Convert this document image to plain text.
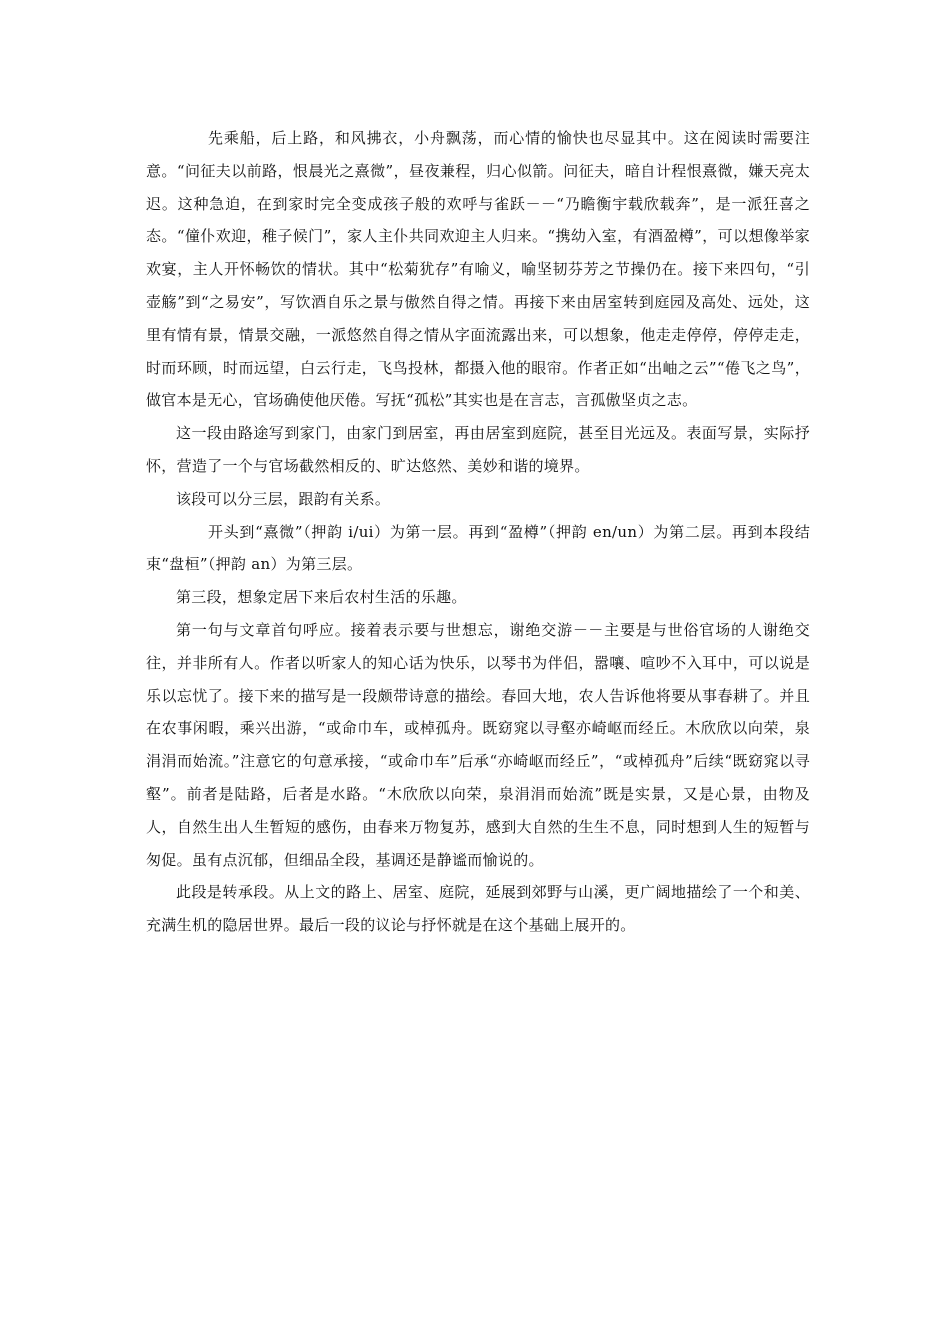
先乘船，后上路，和风拂衣，小舟飘荡，而心情的愉快也尽显其中。这在阅读时需要注意。“问征夫以前路，恨晨光之熹微”，昼夜兼程，归心似箭。问征夫，暗自计程恨熹微，嫌天亮太迟。这种急迫，在到家时完全变成孩子般的欢呼与雀跃－－“乃瞻衡宇载欣载奔”，是一派狂喜之态。“僮仆欢迎，稚子候门”，家人主仆共同欢迎主人归来。“携幼入室，有酒盈樽”，可以想像举家欢宴，主人开怀畅饮的情状。其中“松菊犹存”有喻义，喻坚韧芬芳之节操仍在。接下来四句，“引壶觞”到“之易安”，写饮酒自乐之景与傲然自得之情。再接下来由居室转到庭园及高处、远处，这里有情有景，情景交融，一派悠然自得之情从字面流露出来，可以想象，他走走停停，停停走走，时而环顾，时而远望，白云行走，飞鸟投林，都摄入他的眼帘。作者正如“出岫之云”“倦飞之鸟”，做官本是无心，官场确使他厌倦。写抚“孤松”其实也是在言志，言孤傲坚贞之志。

这一段由路途写到家门，由家门到居室，再由居室到庭院，甚至目光远及。表面写景，实际抒怀，营造了一个与官场截然相反的、旷达悠然、美妙和谐的境界。

该段可以分三层，跟韵有关系。

开头到“熹微”（押韵 i/ui）为第一层。再到“盈樽”（押韵 en/un）为第二层。再到本段结束“盘桓”（押韵 an）为第三层。

第三段，想象定居下来后农村生活的乐趣。

第一句与文章首句呼应。接着表示要与世想忘，谢绝交游－－主要是与世俗官场的人谢绝交往，并非所有人。作者以听家人的知心话为快乐，以琴书为伴侣，嚣嚷、喧吵不入耳中，可以说是乐以忘忧了。接下来的描写是一段颇带诗意的描绘。春回大地，农人告诉他将要从事春耕了。并且在农事闲暇，乘兴出游，“或命巾车，或棹孤舟。既窈窕以寻壑亦崎岖而经丘。木欣欣以向荣，泉涓涓而始流。”注意它的句意承接，“或命巾车”后承“亦崎岖而经丘”，“或棹孤舟”后续“既窈窕以寻壑”。前者是陆路，后者是水路。“木欣欣以向荣，泉涓涓而始流”既是实景，又是心景，由物及人，自然生出人生暂短的感伤，由春来万物复苏，感到大自然的生生不息，同时想到人生的短暂与匆促。虽有点沉郁，但细品全段，基调还是静谧而愉说的。

此段是转承段。从上文的路上、居室、庭院，延展到郊野与山溪，更广阔地描绘了一个和美、充满生机的隐居世界。最后一段的议论与抒怀就是在这个基础上展开的。
